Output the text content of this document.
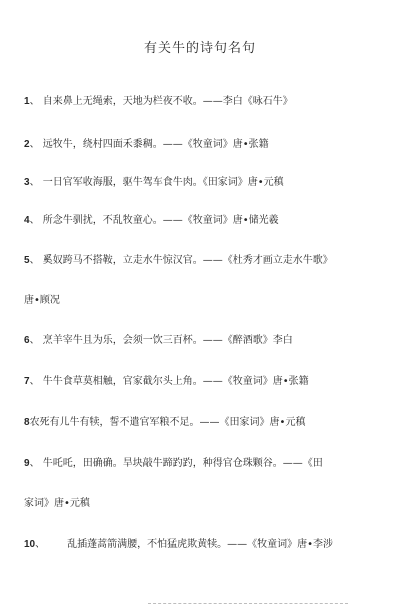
有关牛的诗句名句
1、 自来鼻上无绳索，天地为栏夜不收。——李白《咏石牛》
2、 远牧牛，绕村四面禾黍稠。——《牧童词》唐•张籍
3、 一日官军收海服，驱牛驾车食牛肉。《田家词》唐•元稹
4、 所念牛驯扰，不乱牧童心。——《牧童词》唐•储光羲
5、 奚奴跨马不搭鞍，立走水牛惊汉官。——《杜秀才画立走水牛歌》
唐•顾况
6、 烹羊宰牛且为乐，会须一饮三百杯。——《醉酒歌》李白
7、 牛牛食草莫相触，官家截尔头上角。——《牧童词》唐•张籍
8农死有儿牛有犊，誓不遣官军粮不足。——《田家词》唐•元稹
9、 牛吒吒，田确确。旱块敲牛蹄趵趵，种得官仓珠颗谷。——《田
家词》唐•元稹
10、 乱插蓬蒿箭满腰，不怕猛虎欺黄犊。——《牧童词》唐•李涉
